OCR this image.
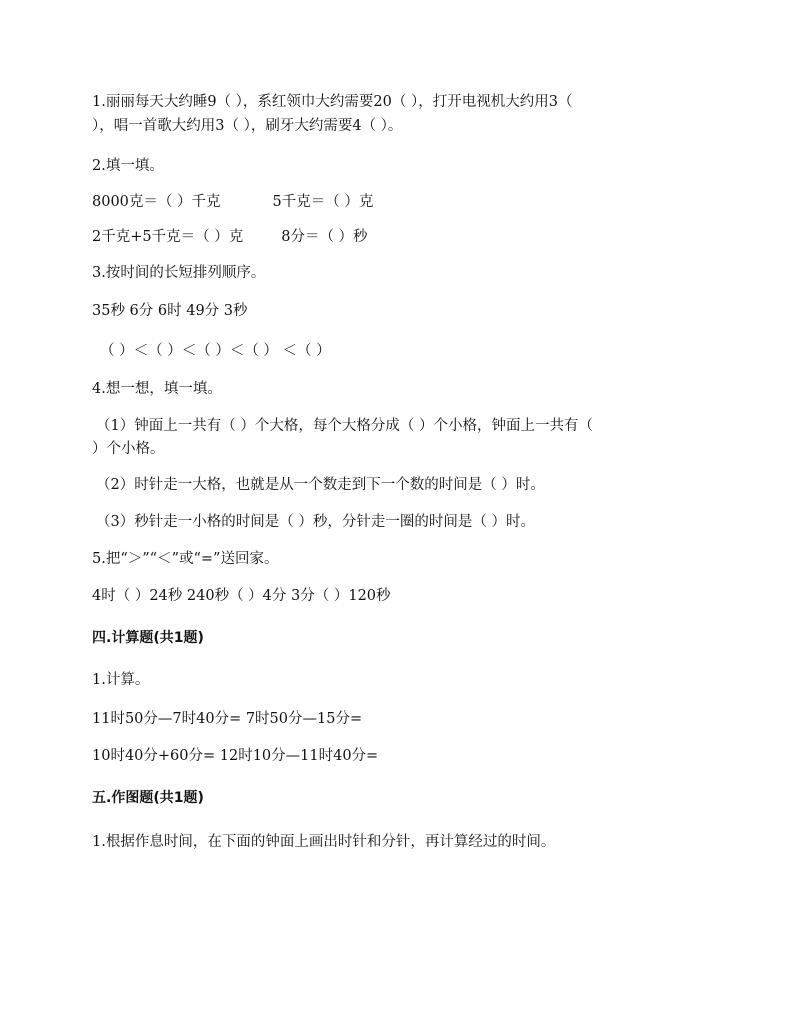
1.丽丽每天大约睡9（ ），系红领巾大约需要20（ ），打开电视机大约用3（
），唱一首歌大约用3（ ），刷牙大约需要4（ ）。
2.填一填。
8000克＝（ ）千克	5千克＝（ ）克
2千克+5千克＝（ ）克	8分＝（ ）秒
3.按时间的长短排列顺序。
35秒 6分 6时 49分 3秒
（ ）＜（ ）＜（ ）＜（ ） ＜（ ）
4.想一想，填一填。
（1）钟面上一共有（ ）个大格，每个大格分成（ ）个小格，钟面上一共有（
）个小格。
（2）时针走一大格，也就是从一个数走到下一个数的时间是（ ）时。
（3）秒针走一小格的时间是（ ）秒，分针走一圈的时间是（ ）时。
5.把“＞”“＜”或“=”送回家。
4时（ ）24秒 240秒（ ）4分 3分（ ）120秒
四.计算题(共1题)
1.计算。
11时50分—7时40分= 7时50分—15分=
10时40分+60分= 12时10分—11时40分=
五.作图题(共1题)
1.根据作息时间，在下面的钟面上画出时针和分针，再计算经过的时间。
